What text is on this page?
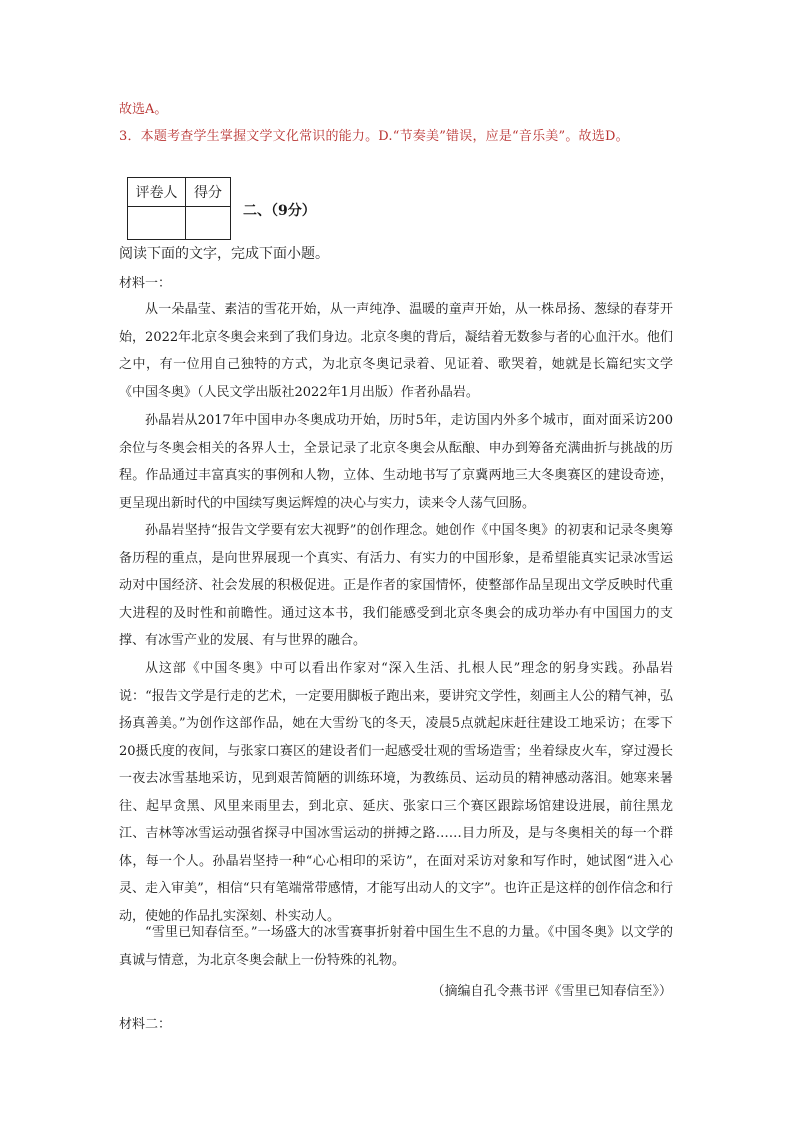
故选A。
3．本题考查学生掌握文学文化常识的能力。D.“节奏美”错误，应是“音乐美”。故选D。
评卷人	得分

二、（9分）
阅读下面的文字，完成下面小题。
材料一：

从一朵晶莹、素洁的雪花开始，从一声纯净、温暖的童声开始，从一株昂扬、葱绿的春芽开始，2022年北京冬奥会来到了我们身边。北京冬奥的背后，凝结着无数参与者的心血汗水。他们之中，有一位用自己独特的方式，为北京冬奥记录着、见证着、歌哭着，她就是长篇纪实文学《中国冬奥》（人民文学出版社2022年1月出版）作者孙晶岩。

孙晶岩从2017年中国申办冬奥成功开始，历时5年，走访国内外多个城市，面对面采访200余位与冬奥会相关的各界人士，全景记录了北京冬奥会从酝酿、申办到筹备充满曲折与挑战的历程。作品通过丰富真实的事例和人物，立体、生动地书写了京冀两地三大冬奥赛区的建设奇迹，更呈现出新时代的中国续写奥运辉煌的决心与实力，读来令人荡气回肠。

孙晶岩坚持“报告文学要有宏大视野”的创作理念。她创作《中国冬奥》的初衷和记录冬奥筹备历程的重点，是向世界展现一个真实、有活力、有实力的中国形象，是希望能真实记录冰雪运动对中国经济、社会发展的积极促进。正是作者的家国情怀，使整部作品呈现出文学反映时代重大进程的及时性和前瞻性。通过这本书，我们能感受到北京冬奥会的成功举办有中国国力的支撑、有冰雪产业的发展、有与世界的融合。

从这部《中国冬奥》中可以看出作家对“深入生活、扎根人民”理念的躬身实践。孙晶岩说：“报告文学是行走的艺术，一定要用脚板子跑出来，要讲究文学性，刻画主人公的精气神，弘扬真善美。”为创作这部作品，她在大雪纷飞的冬天，凌晨5点就起床赶往建设工地采访；在零下20摄氏度的夜间，与张家口赛区的建设者们一起感受壮观的雪场造雪；坐着绿皮火车，穿过漫长一夜去冰雪基地采访，见到艰苦简陋的训练环境，为教练员、运动员的精神感动落泪。她寒来暑往、起早贪黑、风里来雨里去，到北京、延庆、张家口三个赛区跟踪场馆建设进展，前往黑龙江、吉林等冰雪运动强省探寻中国冰雪运动的拼搏之路……目力所及，是与冬奥相关的每一个群体，每一个人。孙晶岩坚持一种“心心相印的采访”，在面对采访对象和写作时，她试图“进入心灵、走入审美”，相信“只有笔端常带感情，才能写出动人的文字”。也许正是这样的创作信念和行动，使她的作品扎实深刻、朴实动人。

“雪里已知春信至。”一场盛大的冰雪赛事折射着中国生生不息的力量。《中国冬奥》以文学的真诚与情意，为北京冬奥会献上一份特殊的礼物。

（摘编自孔令燕书评《雪里已知春信至》）
材料二：
